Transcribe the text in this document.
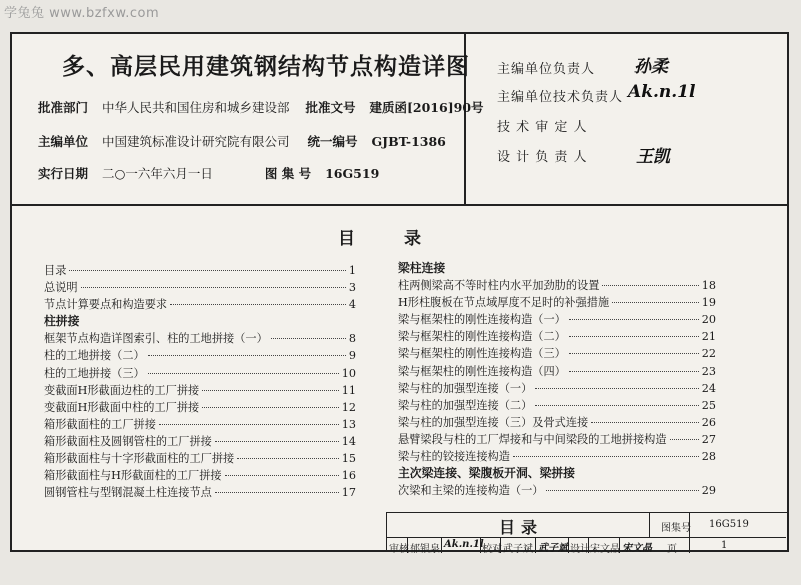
学兔兔 www.bzfxw.com
多、高层民用建筑钢结构节点构造详图
批准部门 中华人民共和国住房和城乡建设部 批准文号 建质函[2016]90号
主编单位 中国建筑标准设计研究院有限公司 统一编号 GJBT-1386
实行日期 二○一六年六月一日	图 集 号 16G519
主编单位负责人 孙柔
主编单位技术负责人 Ak.n.1l
技 术 审 定 人
设 计 负 责 人	王凯
目	录
目录	1
总说明	3
节点计算要点和构造要求	4
柱拼接
框架节点构造详图索引、柱的工地拼接（一）	8
柱的工地拼接（二）	9
柱的工地拼接（三）	10
变截面H形截面边柱的工厂拼接	11
变截面H形截面中柱的工厂拼接	12
箱形截面柱的工厂拼接	13
箱形截面柱及圆钢管柱的工厂拼接	14
箱形截面柱与十字形截面柱的工厂拼接	15
箱形截面柱与H形截面柱的工厂拼接	16
圆钢管柱与型钢混凝土柱连接节点	17
梁柱连接
柱两侧梁高不等时柱内水平加劲肋的设置	18
H形柱腹板在节点域厚度不足时的补强措施	19
梁与框架柱的刚性连接构造（一）	20
梁与框架柱的刚性连接构造（二）	21
梁与框架柱的刚性连接构造（三）	22
梁与框架柱的刚性连接构造（四）	23
梁与柱的加强型连接（一）	24
梁与柱的加强型连接（二）	25
梁与柱的加强型连接（三）及骨式连接	26
悬臂梁段与柱的工厂焊接和与中间梁段的工地拼接构造	27
梁与柱的铰接连接构造	28
主次梁连接、梁腹板开洞、梁拼接
次梁和主梁的连接构造（一）	29
目录	图集号 16G519
审核 郁银泉 Ak.n.1l
校对 武子斌 武子斌 设计 宋文晶 宋文晶 页	1
